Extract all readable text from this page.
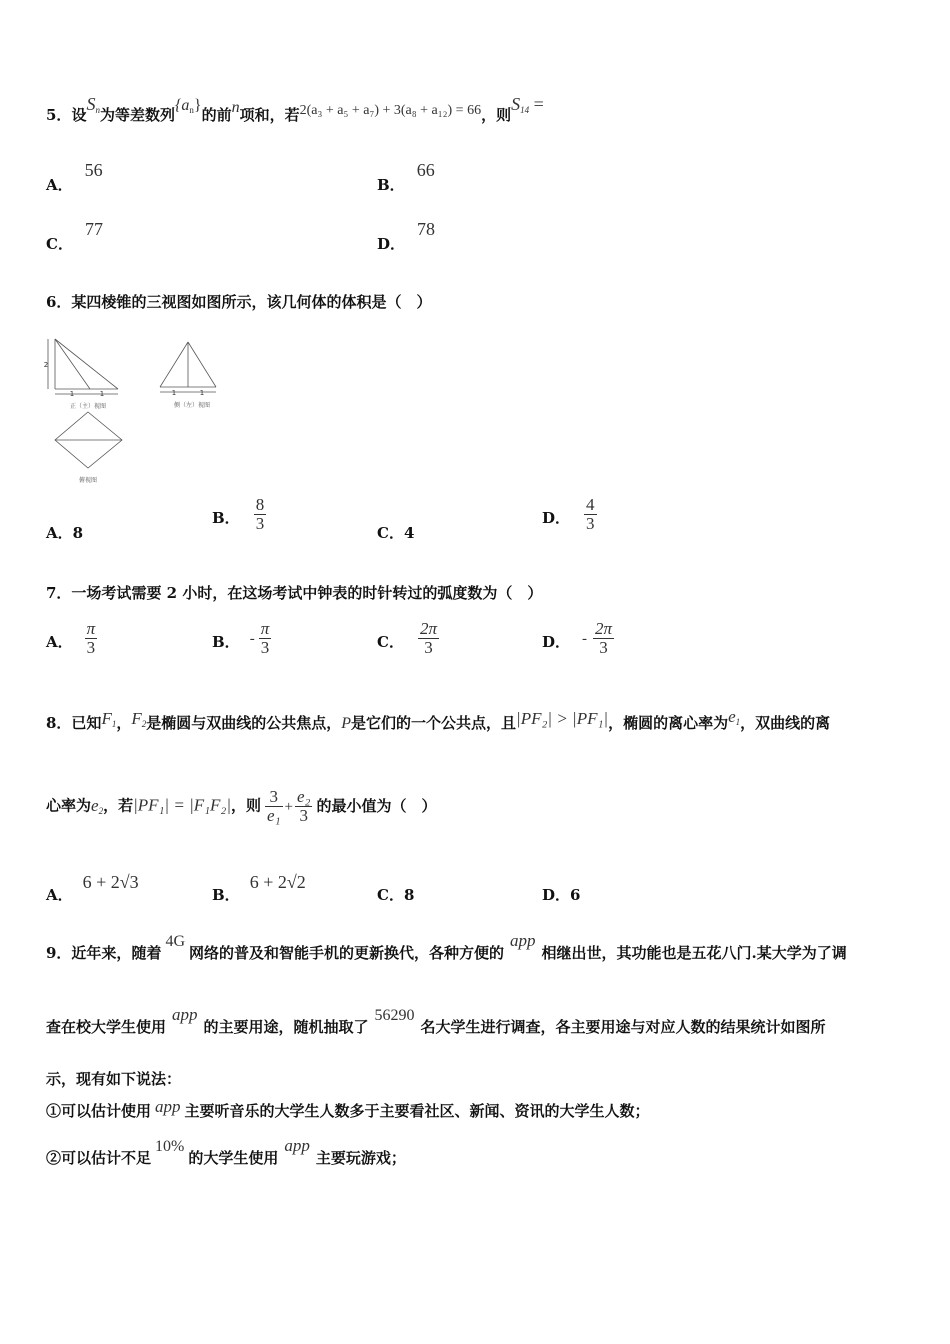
5．设$S_n$为等差数列$\{a_n\}$的前n项和，若2(a₃ + a₅ + a₇) + 3(a₈ + a₁₂) = 66，则$S_{14}$ =
A．56
B．66
C．77
D．78
6．某四棱锥的三视图如图所示，该几何体的体积是（　）
2
1	1
正（主）视图
1	1
侧（左）视图
俯视图
A．8
B． $\frac{8}{3}$	C．4
D． $\frac{4}{3}$
7．一场考试需要 2 小时，在这场考试中钟表的时针转过的弧度数为（　）
A． $\frac{\pi}{3}$	B． - $\frac{\pi}{3}$	C． $\frac{2\pi}{3}$	D． - $\frac{2\pi}{3}$
8．已知$F_1$，$F_2$是椭圆与双曲线的公共焦点，P是它们的一个公共点，且|PF₂| > |PF₁|，椭圆的离心率为$e_1$，双曲线的离
心率为$e_2$，若|PF₁| = |F₁F₂|，则 $\frac{3}{\text{e₁}} + \frac{\text{e₂}}{3}$ 的最小值为（　）
A．6 + 2√3
B．6 + 2√2
C．8	D．6
9．近年来，随着4G网络的普及和智能手机的更新换代，各种方便的app相继出世，其功能也是五花八门.某大学为了调
查在校大学生使用app的主要用途，随机抽取了56290名大学生进行调查，各主要用途与对应人数的结果统计如图所
示，现有如下说法：
①可以估计使用 app 主要听音乐的大学生人数多于主要看社区、新闻、资讯的大学生人数；
②可以估计不足10%的大学生使用app主要玩游戏；
